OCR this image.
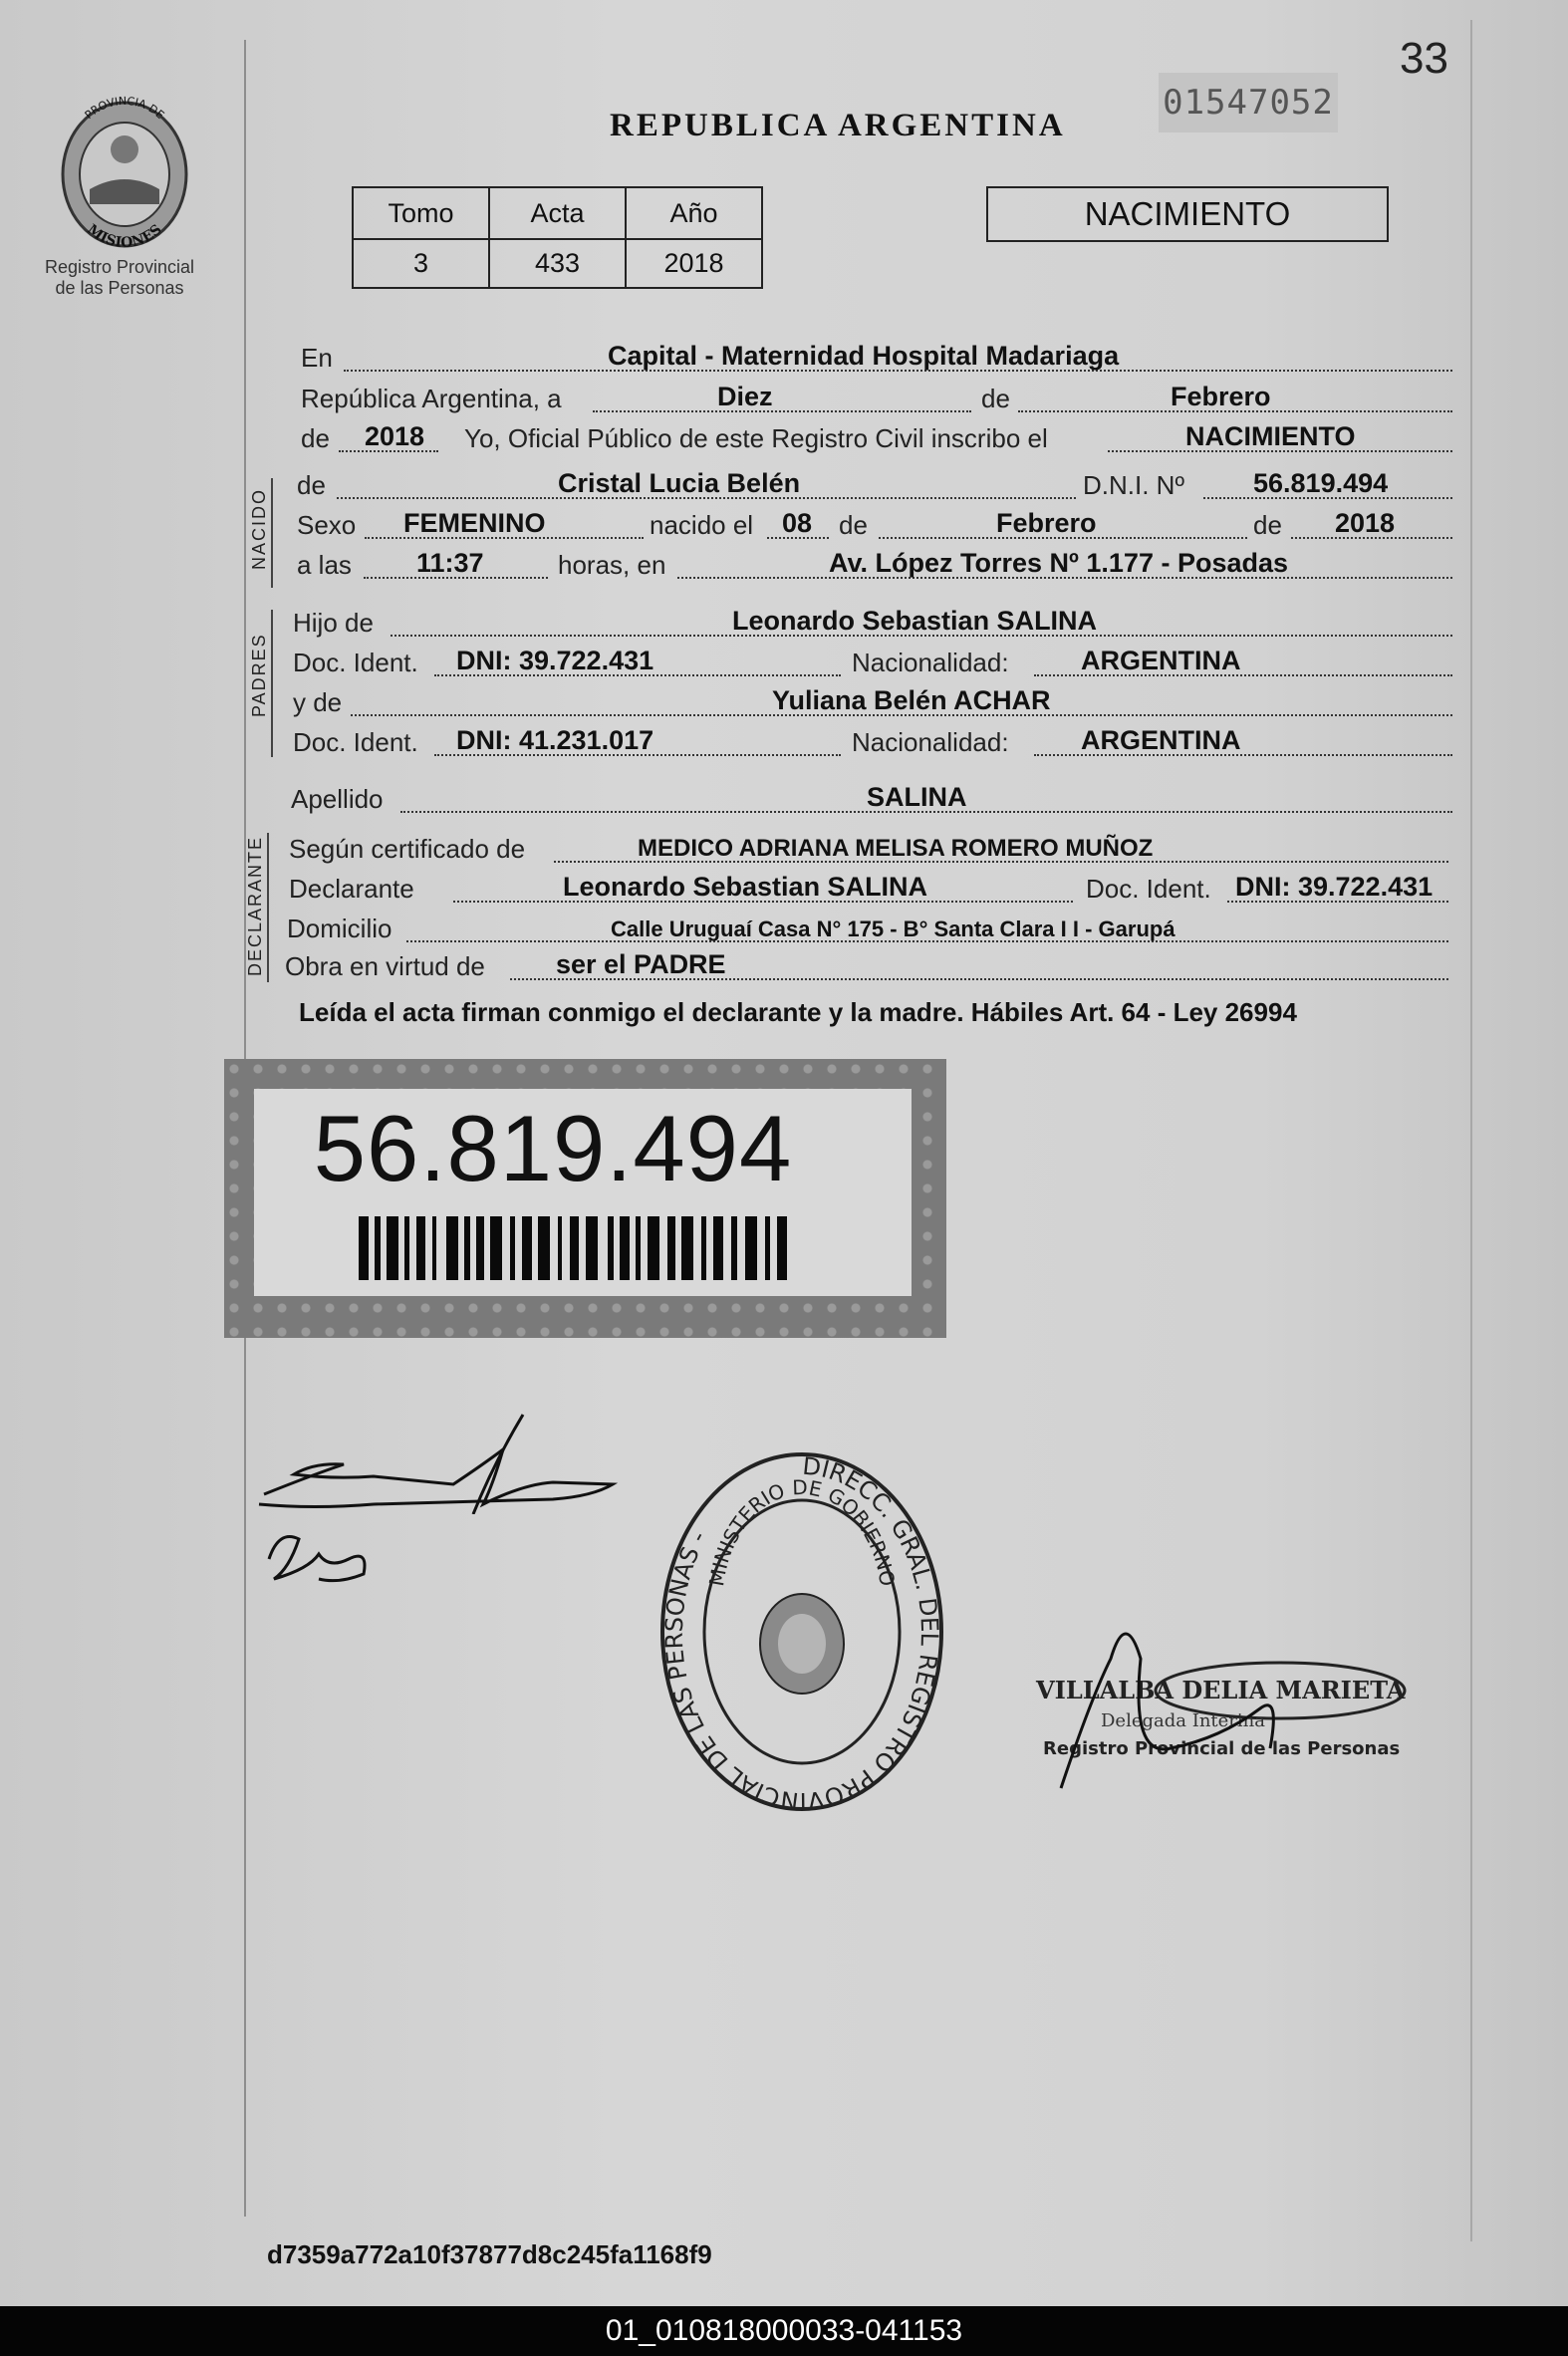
PROVINCIA DE
MISIONES
Registro Provincial
de las Personas
33
01547052
REPUBLICA ARGENTINA
Tomo	Acta	Año
3	433	2018
NACIMIENTO
En	Capital - Maternidad Hospital Madariaga
República Argentina, a	Diez	de	Febrero
de 2018 Yo, Oficial Público de este Registro Civil inscribo el	NACIMIENTO
NACIDO
de	Cristal Lucia Belén	D.N.I. Nº	56.819.494
Sexo FEMENINO	nacido el 08 de	Febrero	de 2018
a las 11:37	horas, en	Av. López Torres Nº 1.177 - Posadas
PADRES
Hijo de	Leonardo Sebastian SALINA
Doc. Ident. DNI: 39.722.431	Nacionalidad:	ARGENTINA
y de	Yuliana Belén ACHAR
Doc. Ident. DNI: 41.231.017	Nacionalidad:	ARGENTINA
Apellido	SALINA
DECLARANTE Según certificado de	MEDICO ADRIANA MELISA ROMERO MUÑOZ
Declarante	Leonardo Sebastian SALINA	Doc. Ident. DNI: 39.722.431
Domicilio	Calle Uruguaí Casa N° 175 - B° Santa Clara I I - Garupá
Obra en virtud de	ser el PADRE
Leída el acta firman conmigo el declarante y la madre. Hábiles Art. 64 - Ley 26994
56.819.494
DIRECC. GRAL. DEL REGISTRO PROVINCIAL DE LAS PERSONAS -
MINISTERIO DE GOBIERNO
VILLALBA DELIA MARIETA
Delegada Interina
Registro Provincial de las Personas
d7359a772a10f37877d8c245fa1168f9
01_010818000033-041153
